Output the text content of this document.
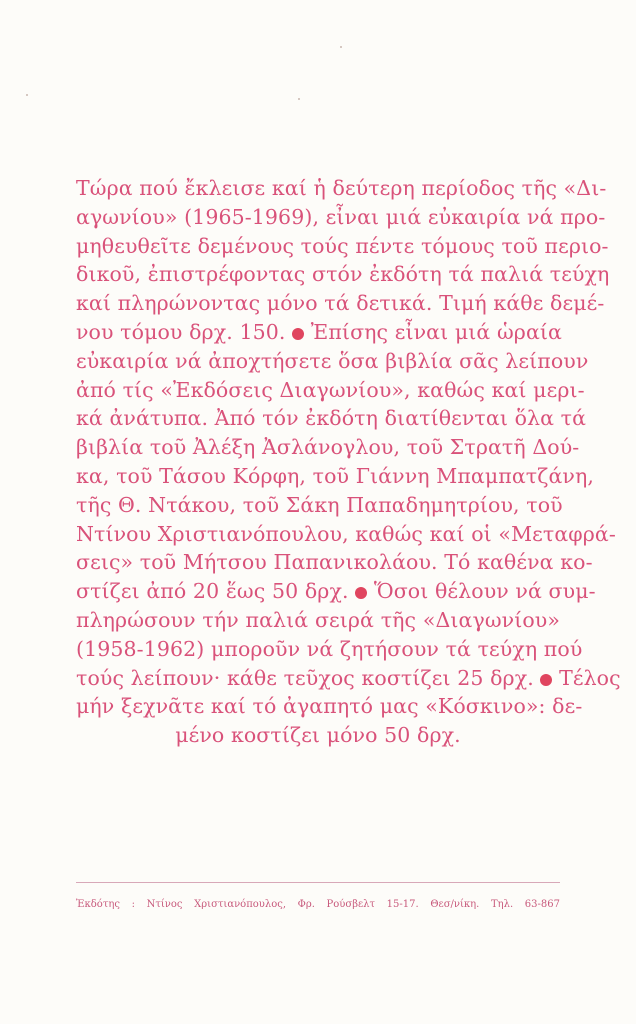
Τώρα πού ἔκλεισε καί ἡ δεύτερη περίοδος τῆς «Δι-
αγωνίου» (1965-1969), εἶναι μιά εὐκαιρία νά προ-
μηθευθεῖτε δεμένους τούς πέντε τόμους τοῦ περιο-
δικοῦ, ἐπιστρέφοντας στόν ἐκδότη τά παλιά τεύχη
καί πληρώνοντας μόνο τά δετικά. Τιμή κάθε δεμέ-
νου τόμου δρχ. 150. Ἐπίσης εἶναι μιά ὡραία
εὐκαιρία νά ἀποχτήσετε ὅσα βιβλία σᾶς λείπουν
ἀπό τίς «Ἐκδόσεις Διαγωνίου», καθώς καί μερι-
κά ἀνάτυπα. Ἀπό τόν ἐκδότη διατίθενται ὅλα τά
βιβλία τοῦ Ἀλέξη Ἀσλάνογλου, τοῦ Στρατῆ Δού-
κα, τοῦ Τάσου Κόρφη, τοῦ Γιάννη Μπαμπατζάνη,
τῆς Θ. Ντάκου, τοῦ Σάκη Παπαδημητρίου, τοῦ
Ντίνου Χριστιανόπουλου, καθώς καί οἱ «Μεταφρά-
σεις» τοῦ Μήτσου Παπανικολάου. Τό καθένα κο-
στίζει ἀπό 20 ἕως 50 δρχ. Ὅσοι θέλουν νά συμ-
πληρώσουν τήν παλιά σειρά τῆς «Διαγωνίου»
(1958-1962) μποροῦν νά ζητήσουν τά τεύχη πού
τούς λείπουν· κάθε τεῦχος κοστίζει 25 δρχ. Τέλος
μήν ξεχνᾶτε καί τό ἀγαπητό μας «Κόσκινο»: δε-
μένο κοστίζει μόνο 50 δρχ.
Ἐκδότης : Ντίνος Χριστιανόπουλος, Φρ. Ρούσβελτ 15-17. Θεσ/νίκη. Τηλ. 63-867
